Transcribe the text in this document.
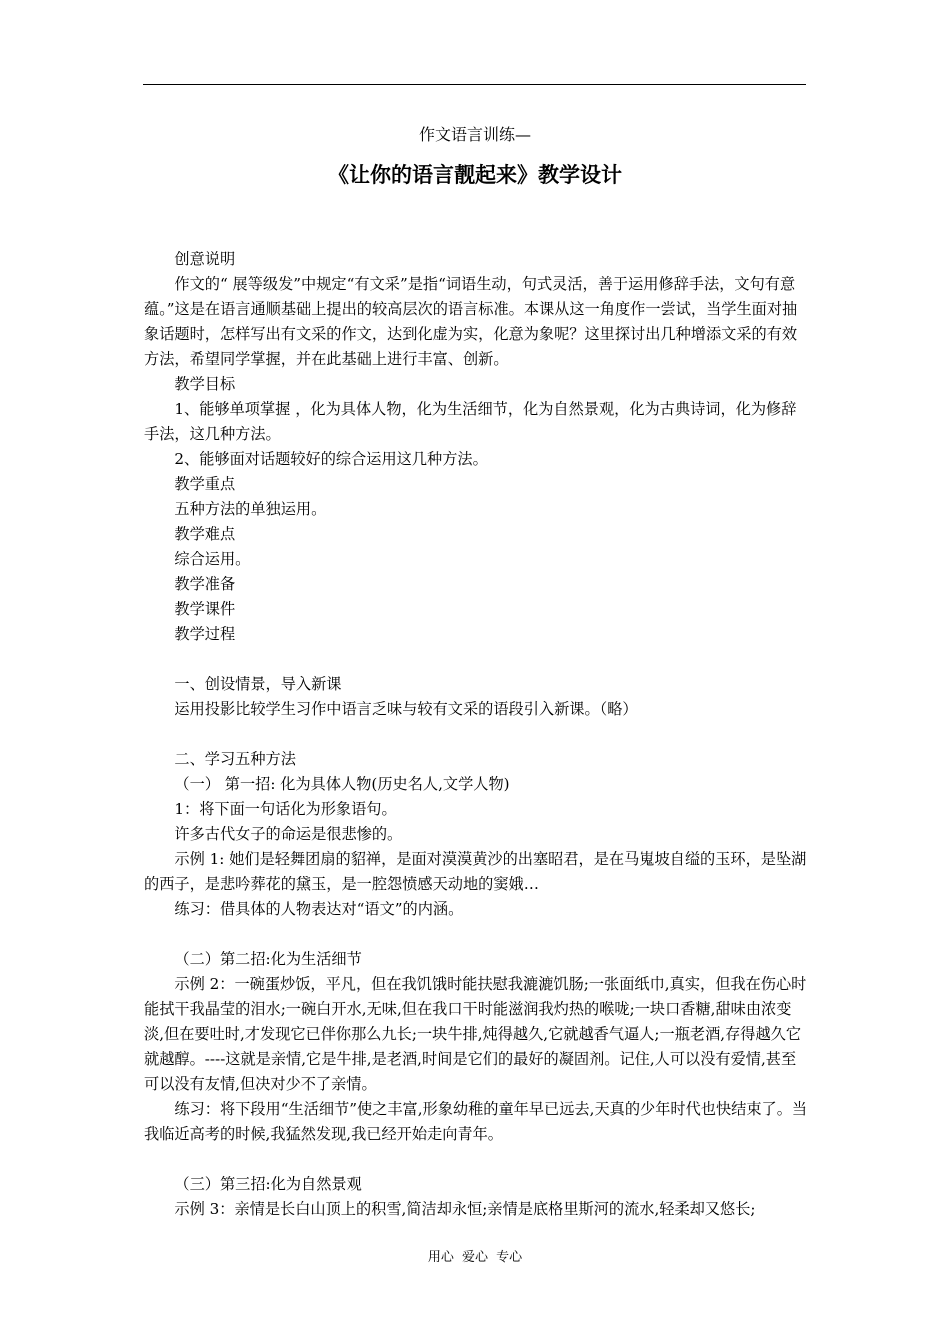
作文语言训练—
《让你的语言靓起来》教学设计

创意说明

作文的“ 展等级发”中规定“有文采”是指“词语生动，句式灵活，善于运用修辞手法，文句有意蕴。”这是在语言通顺基础上提出的较高层次的语言标准。本课从这一角度作一尝试，当学生面对抽象话题时，怎样写出有文采的作文，达到化虚为实，化意为象呢？这里探讨出几种增添文采的有效方法，希望同学掌握，并在此基础上进行丰富、创新。

教学目标

1、能够单项掌握 ，化为具体人物，化为生活细节，化为自然景观，化为古典诗词，化为修辞手法，这几种方法。

2、能够面对话题较好的综合运用这几种方法。

教学重点

五种方法的单独运用。

教学难点

综合运用。

教学准备

教学课件

教学过程

一、创设情景，导入新课

运用投影比较学生习作中语言乏味与较有文采的语段引入新课。（略）

二、学习五种方法

（一） 第一招: 化为具体人物(历史名人,文学人物)

1：将下面一句话化为形象语句。

许多古代女子的命运是很悲惨的。

示例 1: 她们是轻舞团扇的貂禅，是面对漠漠黄沙的出塞昭君，是在马嵬坡自缢的玉环，是坠湖的西子，是悲吟葬花的黛玉，是一腔怨愤感天动地的窦娥…

练习：借具体的人物表达对“语文”的内涵。

（二）第二招:化为生活细节

示例 2：一碗蛋炒饭，平凡，但在我饥饿时能扶慰我漉漉饥肠;一张面纸巾,真实，但我在伤心时能拭干我晶莹的泪水;一碗白开水,无味,但在我口干时能滋润我灼热的喉咙;一块口香糖,甜味由浓变淡,但在要吐时,才发现它已伴你那么九长;一块牛排,炖得越久,它就越香气逼人;一瓶老酒,存得越久它就越醇。----这就是亲情,它是牛排,是老酒,时间是它们的最好的凝固剂。记住,人可以没有爱情,甚至可以没有友情,但决对少不了亲情。

练习：将下段用“生活细节”使之丰富,形象幼稚的童年早已远去,天真的少年时代也快结束了。当我临近高考的时候,我猛然发现,我已经开始走向青年。

（三）第三招:化为自然景观

示例 3：亲情是长白山顶上的积雪,简洁却永恒;亲情是底格里斯河的流水,轻柔却又悠长;

用心 爱心 专心
